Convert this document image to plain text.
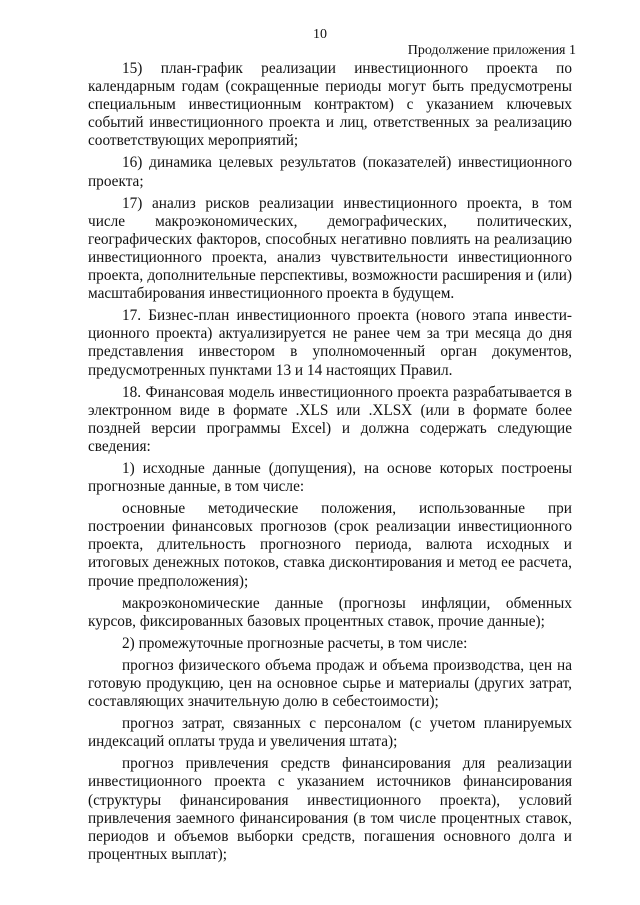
10
Продолжение приложения 1

15) план-график реализации инвестиционного проекта по календарным годам (сокращенные периоды могут быть предусмотрены специальным инвестиционным контрактом) с указанием ключевых событий инвестиционного проекта и лиц, ответственных за реализацию соответствующих мероприятий;

16) динамика целевых результатов (показателей) инвестиционного проекта;

17) анализ рисков реализации инвестиционного проекта, в том числе макроэкономических, демографических, политических, географических факторов, способных негативно повлиять на реализацию инвестиционного проекта, анализ чувствительности инвестиционного проекта, дополнительные перспективы, возможности расширения и (или) масштабирования инвестиционного проекта в будущем.

17. Бизнес-план инвестиционного проекта (нового этапа инвести-ционного проекта) актуализируется не ранее чем за три месяца до дня представления инвестором в уполномоченный орган документов, предусмотренных пунктами 13 и 14 настоящих Правил.

18. Финансовая модель инвестиционного проекта разрабатывается в электронном виде в формате .XLS или .XLSX (или в формате более поздней версии программы Excel) и должна содержать следующие сведения:

1) исходные данные (допущения), на основе которых построены прогнозные данные, в том числе:

основные методические положения, использованные при построении финансовых прогнозов (срок реализации инвестиционного проекта, длительность прогнозного периода, валюта исходных и итоговых денежных потоков, ставка дисконтирования и метод ее расчета, прочие предположения);

макроэкономические данные (прогнозы инфляции, обменных курсов, фиксированных базовых процентных ставок, прочие данные);

2) промежуточные прогнозные расчеты, в том числе:

прогноз физического объема продаж и объема производства, цен на готовую продукцию, цен на основное сырье и материалы (других затрат, составляющих значительную долю в себестоимости);

прогноз затрат, связанных с персоналом (с учетом планируемых индексаций оплаты труда и увеличения штата);

прогноз привлечения средств финансирования для реализации инвестиционного проекта с указанием источников финансирования (структуры финансирования инвестиционного проекта), условий привлечения заемного финансирования (в том числе процентных ставок, периодов и объемов выборки средств, погашения основного долга и процентных выплат);
